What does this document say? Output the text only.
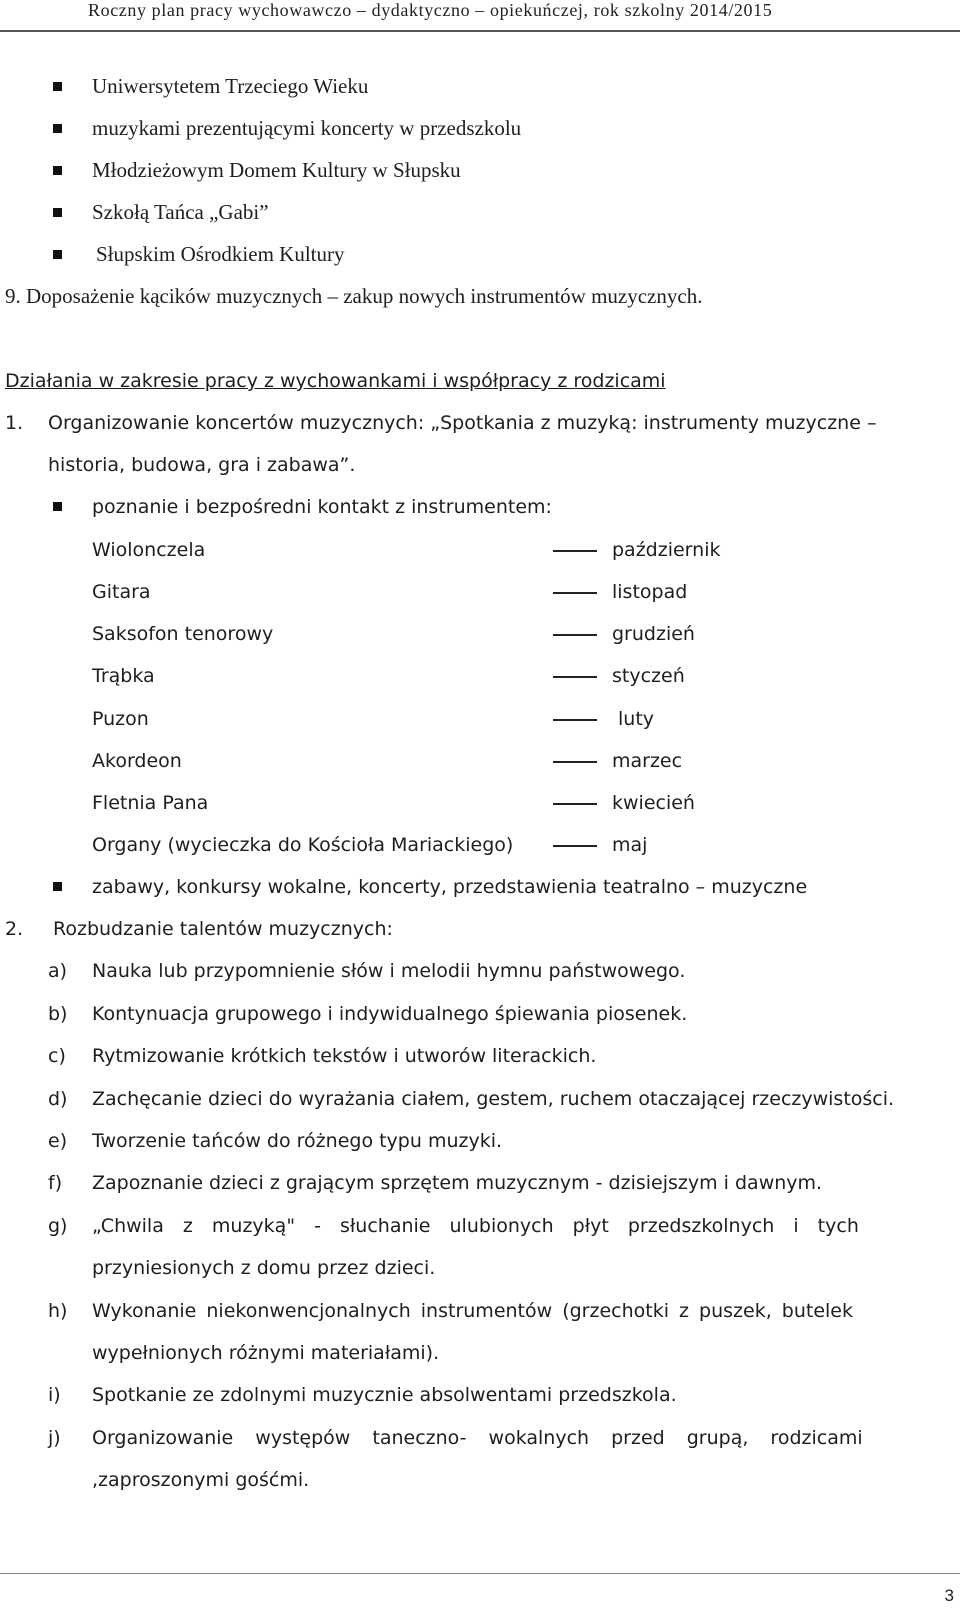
Roczny plan pracy wychowawczo – dydaktyczno – opiekuńczej, rok szkolny 2014/2015
Uniwersytetem Trzeciego Wieku
muzykami prezentującymi koncerty w przedszkolu
Młodzieżowym Domem Kultury w Słupsku
Szkołą Tańca „Gabi”
Słupskim Ośrodkiem Kultury
9. Doposażenie kącików muzycznych – zakup nowych instrumentów muzycznych.
Działania w zakresie pracy z wychowankami i współpracy z rodzicami
1. Organizowanie koncertów muzycznych: „Spotkania z muzyką: instrumenty muzyczne –
historia, budowa, gra i zabawa”.
poznanie i bezpośredni kontakt z instrumentem:
Wiolonczela	październik
Gitara	listopad
Saksofon tenorowy	grudzień
Trąbka	styczeń
Puzon	luty
Akordeon	marzec
Fletnia Pana	kwiecień
Organy (wycieczka do Kościoła Mariackiego)	maj
zabawy, konkursy wokalne, koncerty, przedstawienia teatralno – muzyczne
2. Rozbudzanie talentów muzycznych:
a) Nauka lub przypomnienie słów i melodii hymnu państwowego.
b) Kontynuacja grupowego i indywidualnego śpiewania piosenek.
c) Rytmizowanie krótkich tekstów i utworów literackich.
d) Zachęcanie dzieci do wyrażania ciałem, gestem, ruchem otaczającej rzeczywistości.
e) Tworzenie tańców do różnego typu muzyki.
f) Zapoznanie dzieci z grającym sprzętem muzycznym - dzisiejszym i dawnym.
g) „Chwila z muzyką" - słuchanie ulubionych płyt przedszkolnych i tych
przyniesionych z domu przez dzieci.
h) Wykonanie niekonwencjonalnych instrumentów (grzechotki z puszek, butelek
wypełnionych różnymi materiałami).
i) Spotkanie ze zdolnymi muzycznie absolwentami przedszkola.
j) Organizowanie występów taneczno- wokalnych przed grupą, rodzicami
,zaproszonymi gośćmi.
3
